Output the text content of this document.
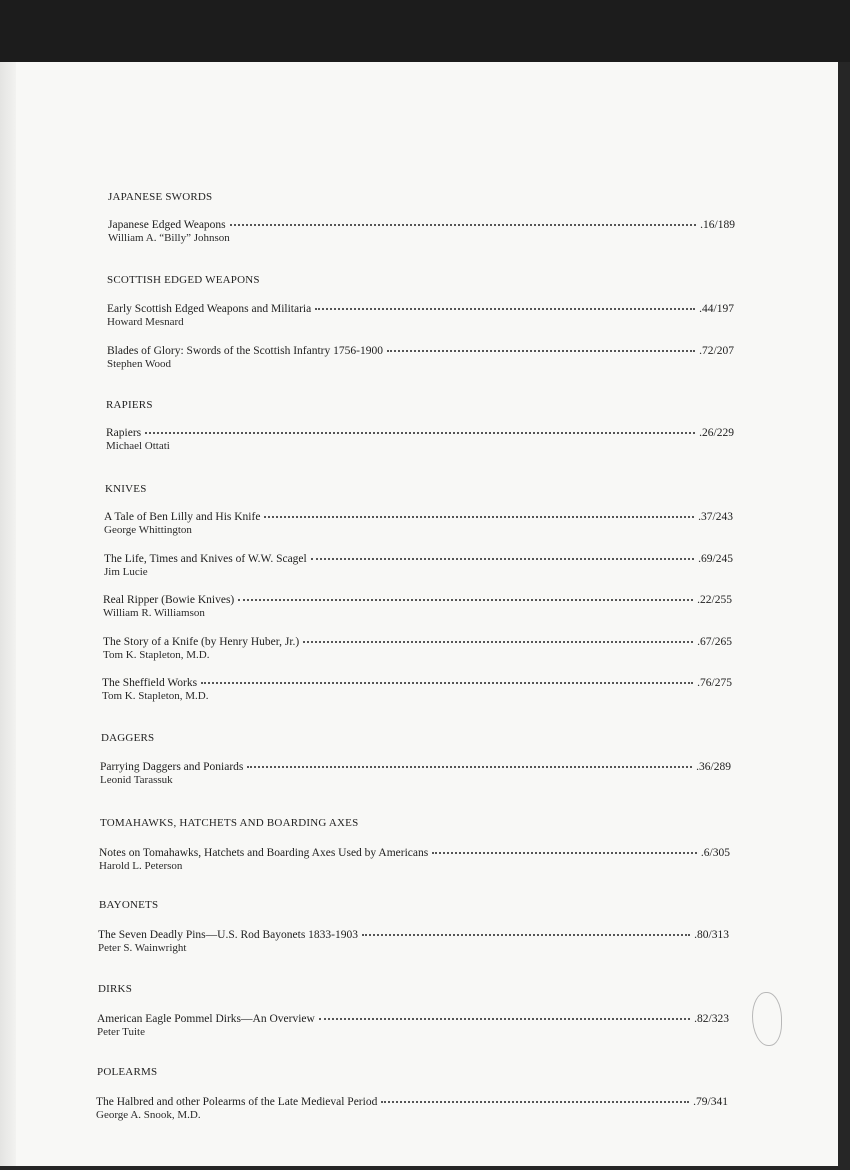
JAPANESE SWORDS
Japanese Edged Weapons	.16/189
William A. “Billy” Johnson
SCOTTISH EDGED WEAPONS
Early Scottish Edged Weapons and Militaria	.44/197
Howard Mesnard
Blades of Glory: Swords of the Scottish Infantry 1756-1900	.72/207
Stephen Wood
RAPIERS
Rapiers	.26/229
Michael Ottati
KNIVES
A Tale of Ben Lilly and His Knife	.37/243
George Whittington
The Life, Times and Knives of W.W. Scagel	.69/245
Jim Lucie
Real Ripper (Bowie Knives)	.22/255
William R. Williamson
The Story of a Knife (by Henry Huber, Jr.)	.67/265
Tom K. Stapleton, M.D.
The Sheffield Works	.76/275
Tom K. Stapleton, M.D.
DAGGERS
Parrying Daggers and Poniards	.36/289
Leonid Tarassuk
TOMAHAWKS, HATCHETS AND BOARDING AXES
Notes on Tomahawks, Hatchets and Boarding Axes Used by Americans	.6/305
Harold L. Peterson
BAYONETS
The Seven Deadly Pins—U.S. Rod Bayonets 1833-1903	.80/313
Peter S. Wainwright
DIRKS
American Eagle Pommel Dirks—An Overview	.82/323
Peter Tuite
POLEARMS
The Halbred and other Polearms of the Late Medieval Period	.79/341
George A. Snook, M.D.
